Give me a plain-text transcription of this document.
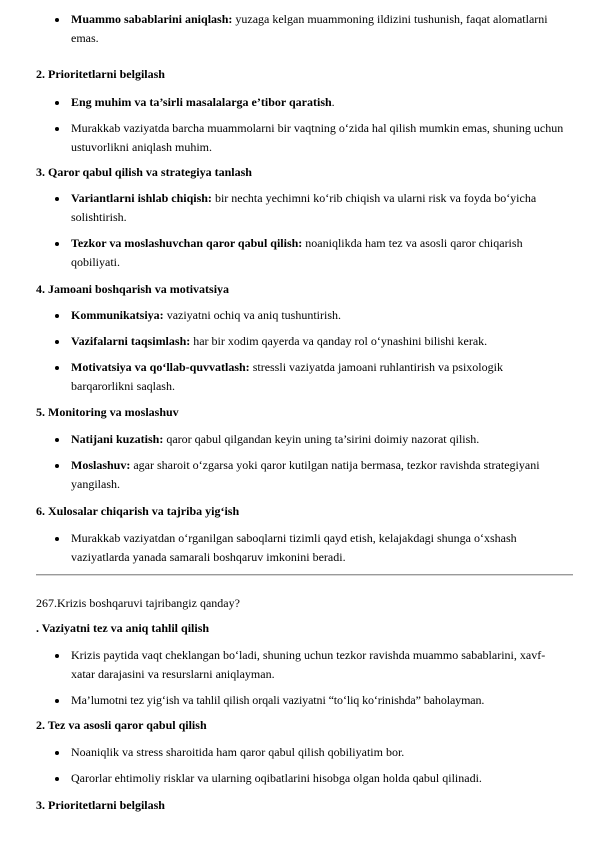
Muammo sabablarini aniqlash: yuzaga kelgan muammoning ildizini tushunish, faqat alomatlarni emas.
2. Prioritetlarni belgilash
Eng muhim va ta’sirli masalalarga e’tibor qaratish.
Murakkab vaziyatda barcha muammolarni bir vaqtning o‘zida hal qilish mumkin emas, shuning uchun ustuvorlikni aniqlash muhim.
3. Qaror qabul qilish va strategiya tanlash
Variantlarni ishlab chiqish: bir nechta yechimni ko‘rib chiqish va ularni risk va foyda bo‘yicha solishtirish.
Tezkor va moslashuvchan qaror qabul qilish: noaniqlikda ham tez va asosli qaror chiqarish qobiliyati.
4. Jamoani boshqarish va motivatsiya
Kommunikatsiya: vaziyatni ochiq va aniq tushuntirish.
Vazifalarni taqsimlash: har bir xodim qayerda va qanday rol o‘ynashini bilishi kerak.
Motivatsiya va qo‘llab-quvvatlash: stressli vaziyatda jamoani ruhlantirish va psixologik barqarorlikni saqlash.
5. Monitoring va moslashuv
Natijani kuzatish: qaror qabul qilgandan keyin uning ta’sirini doimiy nazorat qilish.
Moslashuv: agar sharoit o‘zgarsa yoki qaror kutilgan natija bermasa, tezkor ravishda strategiyani yangilash.
6. Xulosalar chiqarish va tajriba yig‘ish
Murakkab vaziyatdan o‘rganilgan saboqlarni tizimli qayd etish, kelajakdagi shunga o‘xshash vaziyatlarda yanada samarali boshqaruv imkonini beradi.
267.Krizis boshqaruvi tajribangiz qanday?
. Vaziyatni tez va aniq tahlil qilish
Krizis paytida vaqt cheklangan bo‘ladi, shuning uchun tezkor ravishda muammo sabablarini, xavf-xatar darajasini va resurslarni aniqlayman.
Ma’lumotni tez yig‘ish va tahlil qilish orqali vaziyatni “to‘liq ko‘rinishda” baholayman.
2. Tez va asosli qaror qabul qilish
Noaniqlik va stress sharoitida ham qaror qabul qilish qobiliyatim bor.
Qarorlar ehtimoliy risklar va ularning oqibatlarini hisobga olgan holda qabul qilinadi.
3. Prioritetlarni belgilash
